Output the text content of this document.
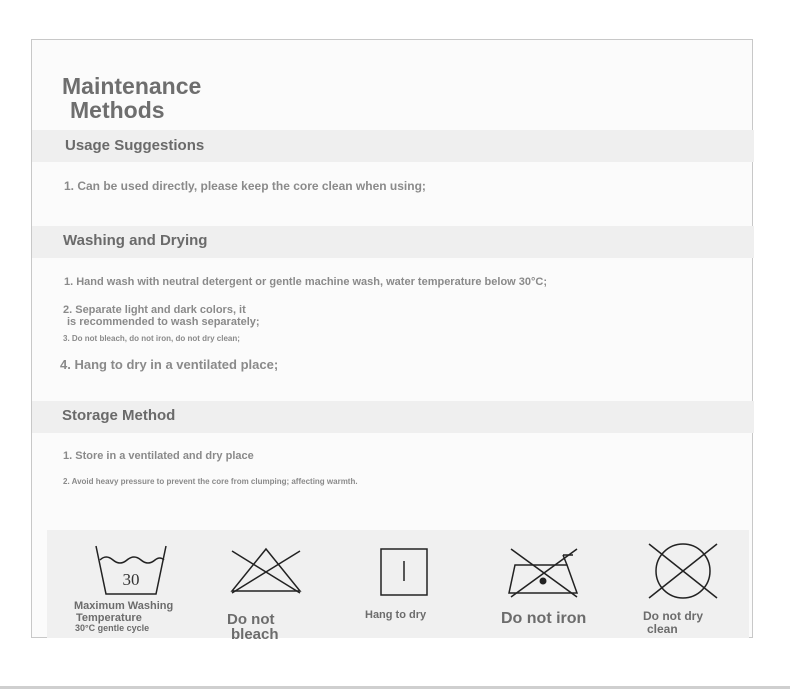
Maintenance
Methods
Usage Suggestions
1. Can be used directly, please keep the core clean when using;
Washing and Drying
1. Hand wash with neutral detergent or gentle machine wash, water temperature below 30°C;
2. Separate light and dark colors, it
is recommended to wash separately;
3. Do not bleach, do not iron, do not dry clean;
4. Hang to dry in a ventilated place;
Storage Method
1. Store in a ventilated and dry place
2. Avoid heavy pressure to prevent the core from clumping; affecting warmth.
30
Maximum Washing
Temperature
30°C gentle cycle
Do not
bleach
Hang to dry	Do not iron	Do not dry
clean
